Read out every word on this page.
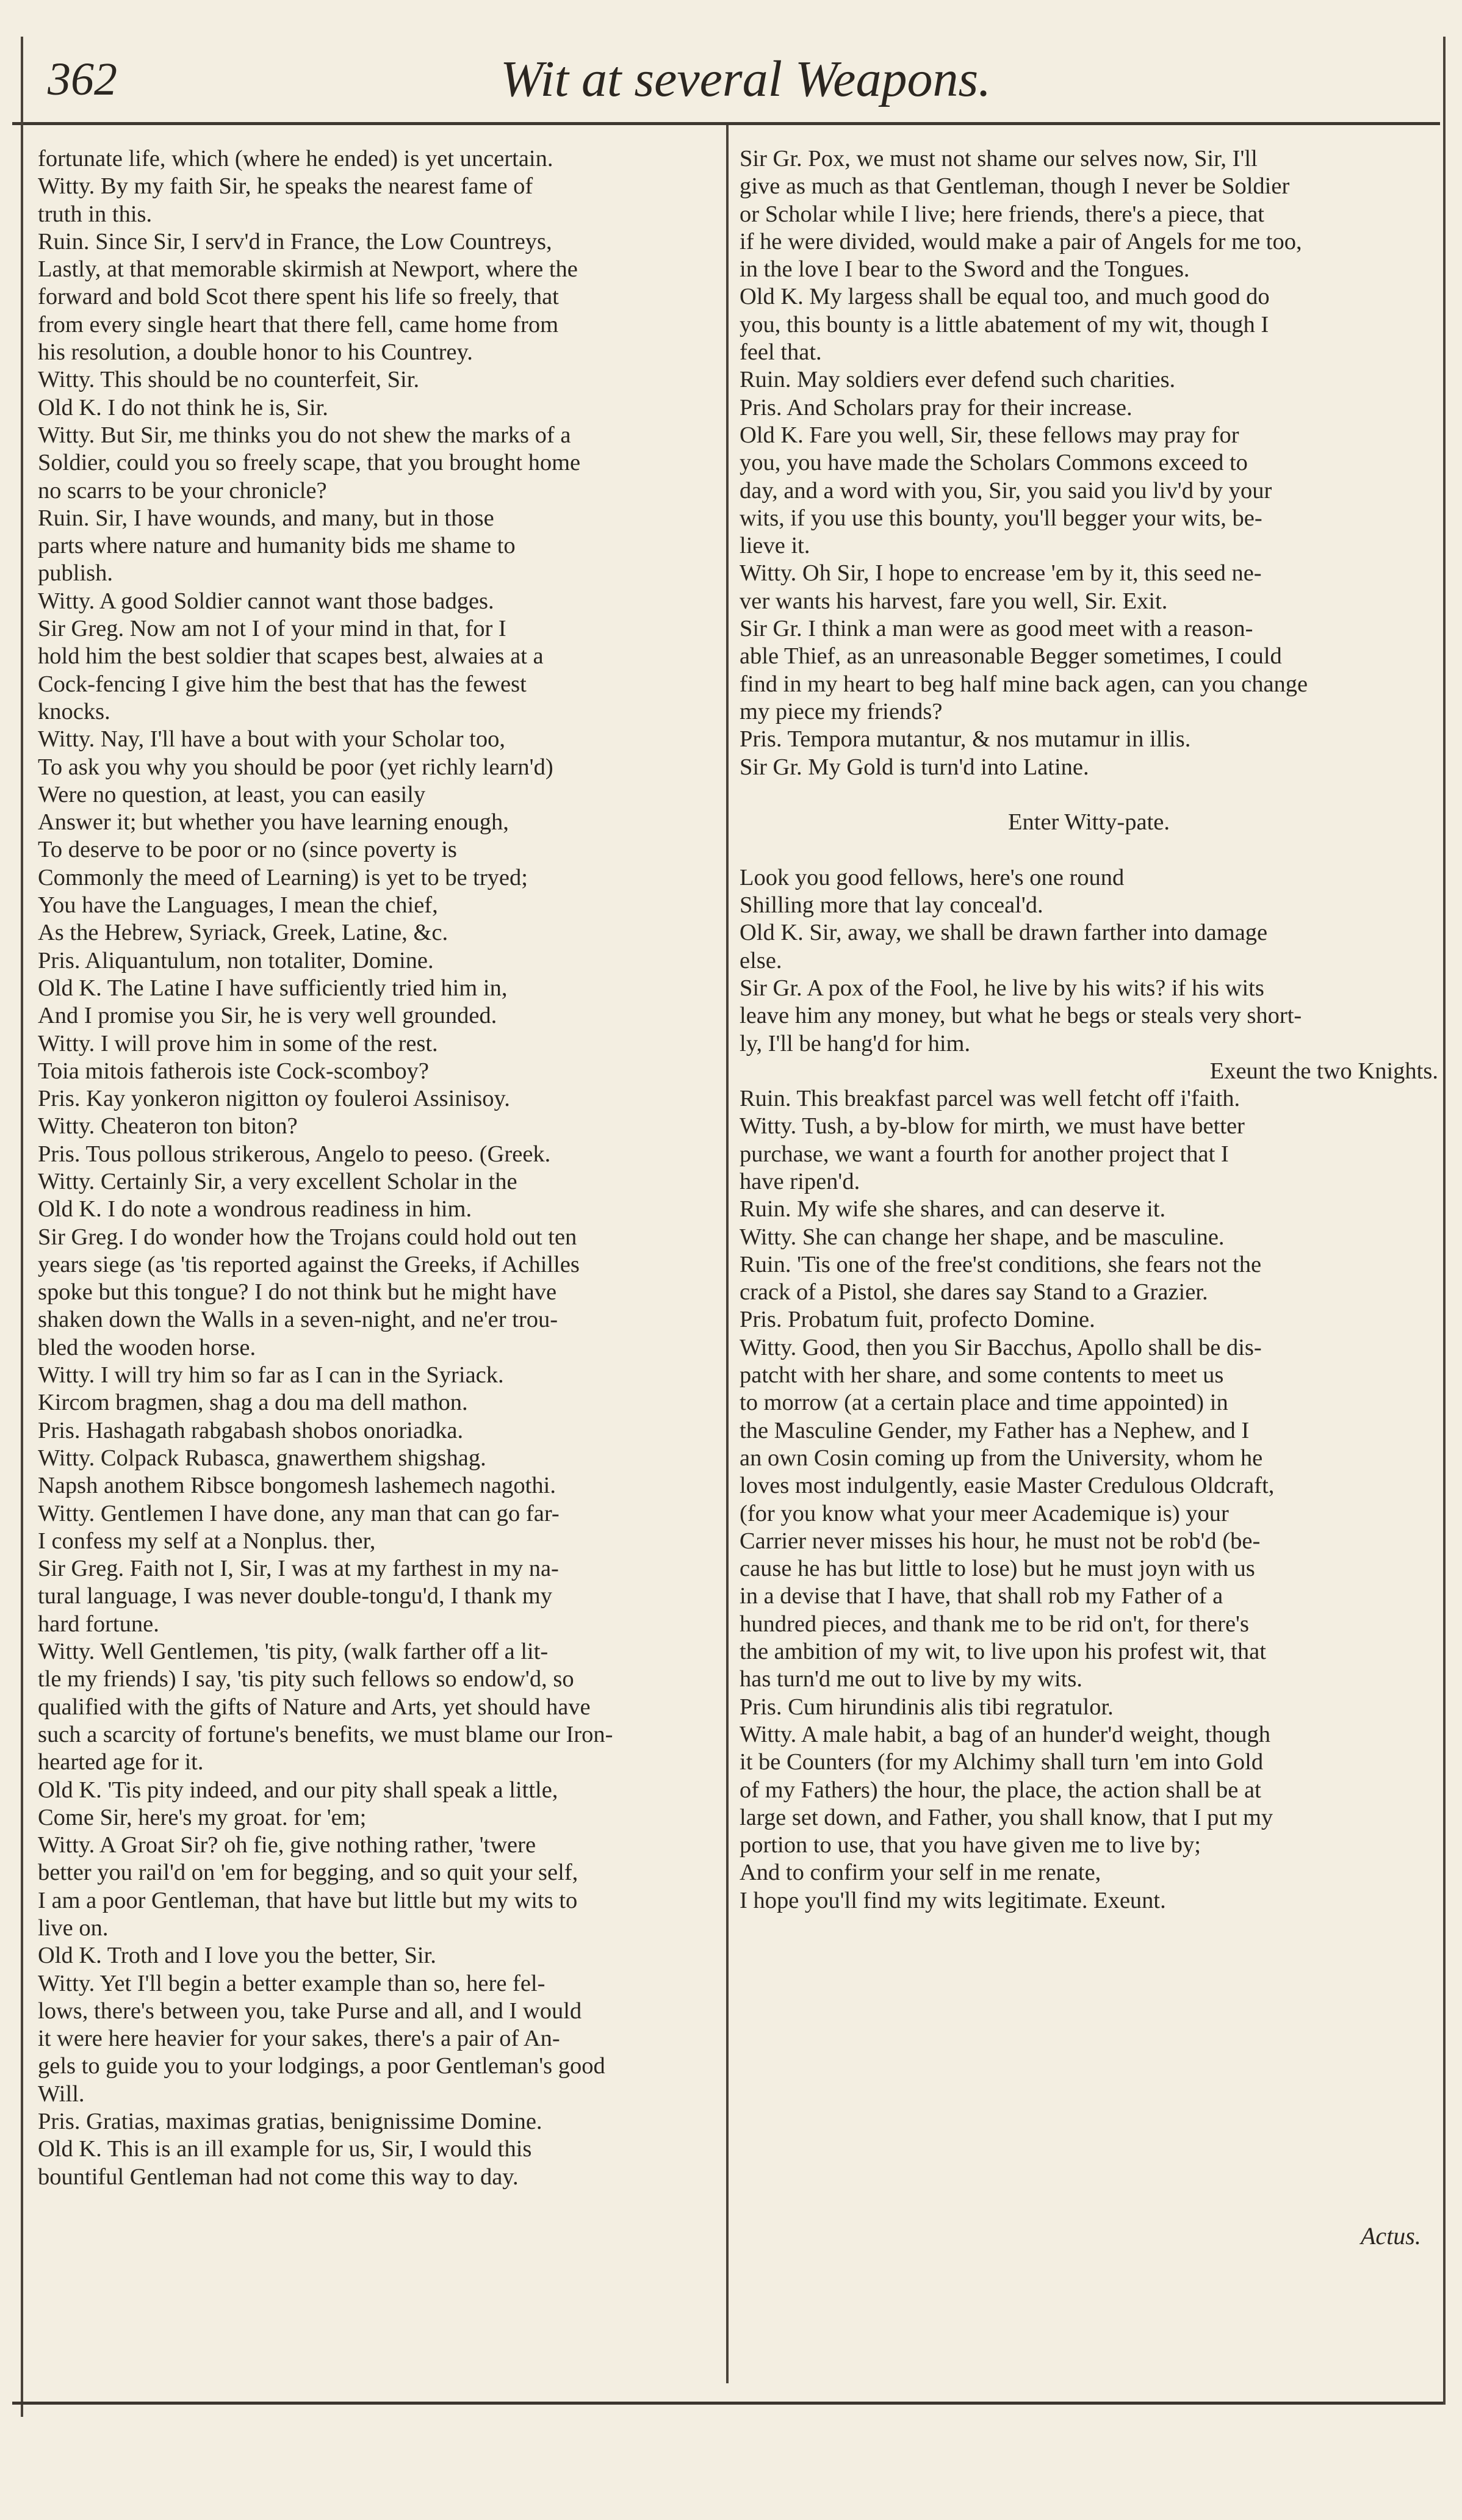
362	Wit at several Weapons.
fortunate life, which (where he ended) is yet uncertain.
Witty. By my faith Sir, he speaks the nearest fame of
truth in this.
Ruin. Since Sir, I serv'd in France, the Low Countreys,
Lastly, at that memorable skirmish at Newport, where the
forward and bold Scot there spent his life so freely, that
from every single heart that there fell, came home from
his resolution, a double honor to his Countrey.
Witty. This should be no counterfeit, Sir.
Old K. I do not think he is, Sir.
Witty. But Sir, me thinks you do not shew the marks of a
Soldier, could you so freely scape, that you brought home
no scarrs to be your chronicle?
Ruin. Sir, I have wounds, and many, but in those
parts where nature and humanity bids me shame to
publish.
Witty. A good Soldier cannot want those badges.
Sir Greg. Now am not I of your mind in that, for I
hold him the best soldier that scapes best, alwaies at a
Cock-fencing I give him the best that has the fewest
knocks.
Witty. Nay, I'll have a bout with your Scholar too,
To ask you why you should be poor (yet richly learn'd)
Were no question, at least, you can easily
Answer it; but whether you have learning enough,
To deserve to be poor or no (since poverty is
Commonly the meed of Learning) is yet to be tryed;
You have the Languages, I mean the chief,
As the Hebrew, Syriack, Greek, Latine, &c.
Pris. Aliquantulum, non totaliter, Domine.
Old K. The Latine I have sufficiently tried him in,
And I promise you Sir, he is very well grounded.
Witty. I will prove him in some of the rest.
Toia mitois fatherois iste Cock-scomboy?
Pris. Kay yonkeron nigitton oy fouleroi Assinisoy.
Witty. Cheateron ton biton?
Pris. Tous pollous strikerous, Angelo to peeso. (Greek.
Witty. Certainly Sir, a very excellent Scholar in the
Old K. I do note a wondrous readiness in him.
Sir Greg. I do wonder how the Trojans could hold out ten
years siege (as 'tis reported against the Greeks, if Achilles
spoke but this tongue? I do not think but he might have
shaken down the Walls in a seven-night, and ne'er trou-
bled the wooden horse.
Witty. I will try him so far as I can in the Syriack.
Kircom bragmen, shag a dou ma dell mathon.
Pris. Hashagath rabgabash shobos onoriadka.
Witty. Colpack Rubasca, gnawerthem shigshag.
Napsh anothem Ribsce bongomesh lashemech nagothi.
Witty. Gentlemen I have done, any man that can go far-
I confess my self at a Nonplus. ther,
Sir Greg. Faith not I, Sir, I was at my farthest in my na-
tural language, I was never double-tongu'd, I thank my
hard fortune.
Witty. Well Gentlemen, 'tis pity, (walk farther off a lit-
tle my friends) I say, 'tis pity such fellows so endow'd, so
qualified with the gifts of Nature and Arts, yet should have
such a scarcity of fortune's benefits, we must blame our Iron-
hearted age for it.
Old K. 'Tis pity indeed, and our pity shall speak a little,
Come Sir, here's my groat. for 'em;
Witty. A Groat Sir? oh fie, give nothing rather, 'twere
better you rail'd on 'em for begging, and so quit your self,
I am a poor Gentleman, that have but little but my wits to
live on.
Old K. Troth and I love you the better, Sir.
Witty. Yet I'll begin a better example than so, here fel-
lows, there's between you, take Purse and all, and I would
it were here heavier for your sakes, there's a pair of An-
gels to guide you to your lodgings, a poor Gentleman's good
Will.
Pris. Gratias, maximas gratias, benignissime Domine.
Old K. This is an ill example for us, Sir, I would this
bountiful Gentleman had not come this way to day.
Sir Gr. Pox, we must not shame our selves now, Sir, I'll
give as much as that Gentleman, though I never be Soldier
or Scholar while I live; here friends, there's a piece, that
if he were divided, would make a pair of Angels for me too,
in the love I bear to the Sword and the Tongues.
Old K. My largess shall be equal too, and much good do
you, this bounty is a little abatement of my wit, though I
feel that.
Ruin. May soldiers ever defend such charities.
Pris. And Scholars pray for their increase.
Old K. Fare you well, Sir, these fellows may pray for
you, you have made the Scholars Commons exceed to
day, and a word with you, Sir, you said you liv'd by your
wits, if you use this bounty, you'll begger your wits, be-
lieve it.
Witty. Oh Sir, I hope to encrease 'em by it, this seed ne-
ver wants his harvest, fare you well, Sir. Exit.
Sir Gr. I think a man were as good meet with a reason-
able Thief, as an unreasonable Begger sometimes, I could
find in my heart to beg half mine back agen, can you change
my piece my friends?
Pris. Tempora mutantur, & nos mutamur in illis.
Sir Gr. My Gold is turn'd into Latine.
Enter Witty-pate.
Look you good fellows, here's one round
Shilling more that lay conceal'd.
Old K. Sir, away, we shall be drawn farther into damage
else.
Sir Gr. A pox of the Fool, he live by his wits? if his wits
leave him any money, but what he begs or steals very short-
ly, I'll be hang'd for him.
Exeunt the two Knights.
Ruin. This breakfast parcel was well fetcht off i'faith.
Witty. Tush, a by-blow for mirth, we must have better
purchase, we want a fourth for another project that I
have ripen'd.
Ruin. My wife she shares, and can deserve it.
Witty. She can change her shape, and be masculine.
Ruin. 'Tis one of the free'st conditions, she fears not the
crack of a Pistol, she dares say Stand to a Grazier.
Pris. Probatum fuit, profecto Domine.
Witty. Good, then you Sir Bacchus, Apollo shall be dis-
patcht with her share, and some contents to meet us
to morrow (at a certain place and time appointed) in
the Masculine Gender, my Father has a Nephew, and I
an own Cosin coming up from the University, whom he
loves most indulgently, easie Master Credulous Oldcraft,
(for you know what your meer Academique is) your
Carrier never misses his hour, he must not be rob'd (be-
cause he has but little to lose) but he must joyn with us
in a devise that I have, that shall rob my Father of a
hundred pieces, and thank me to be rid on't, for there's
the ambition of my wit, to live upon his profest wit, that
has turn'd me out to live by my wits.
Pris. Cum hirundinis alis tibi regratulor.
Witty. A male habit, a bag of an hunder'd weight, though
it be Counters (for my Alchimy shall turn 'em into Gold
of my Fathers) the hour, the place, the action shall be at
large set down, and Father, you shall know, that I put my
portion to use, that you have given me to live by;
And to confirm your self in me renate,
I hope you'll find my wits legitimate. Exeunt.
Actus.
